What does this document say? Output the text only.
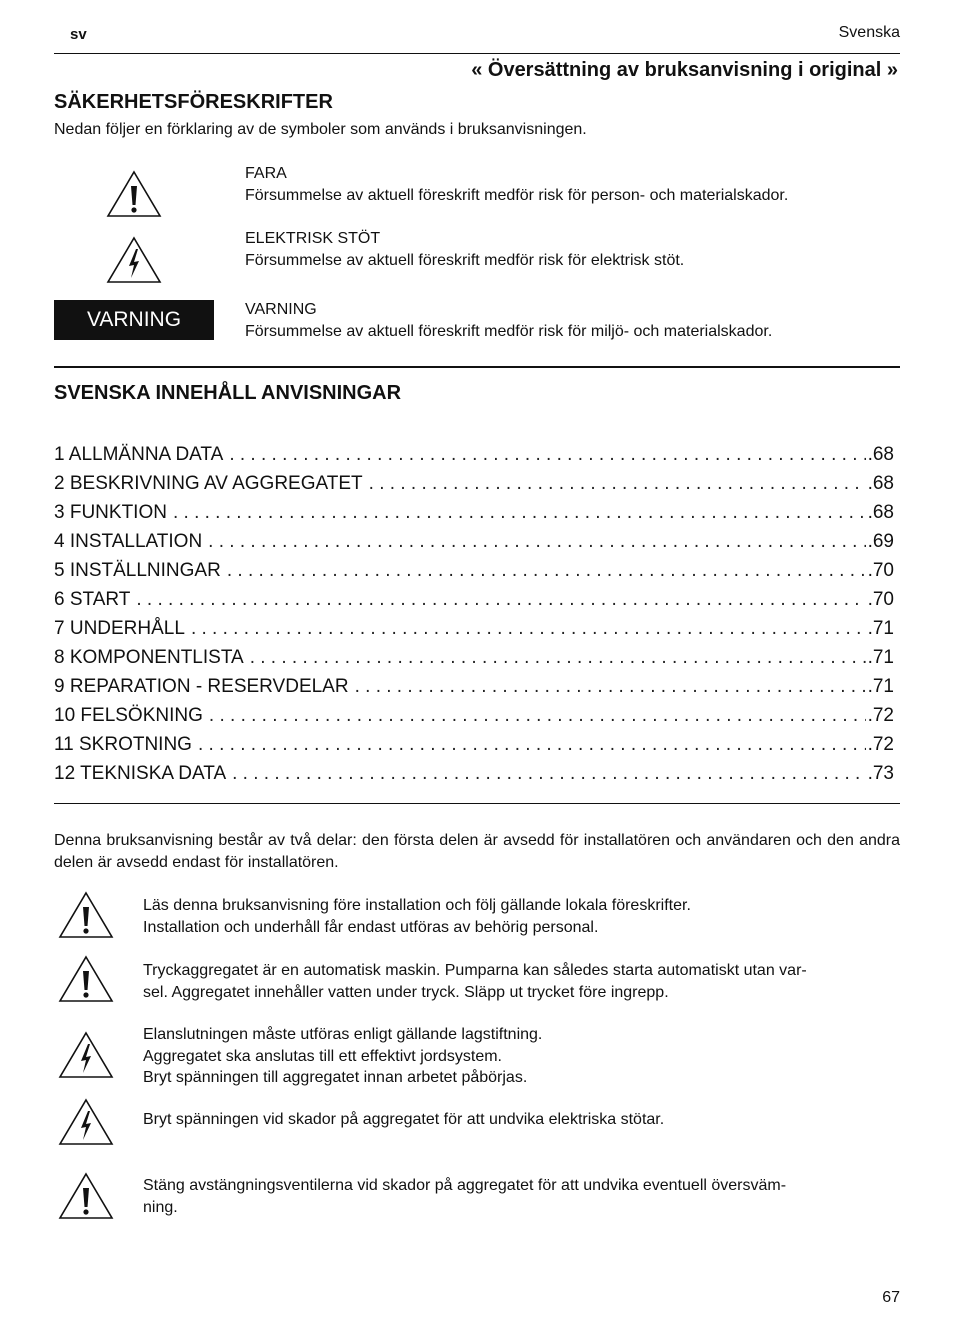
sv	Svenska
« Översättning av bruksanvisning i original »
SÄKERHETSFÖRESKRIFTER
Nedan följer en förklaring av de symboler som används i bruksanvisningen.
FARA
Försummelse av aktuell föreskrift medför risk för person- och materialskador.
ELEKTRISK STÖT
Försummelse av aktuell föreskrift medför risk för elektrisk stöt.
VARNING	VARNING
Försummelse av aktuell föreskrift medför risk för miljö- och materialskador.
SVENSKA INNEHÅLL ANVISNINGAR
1 ALLMÄNNA DATA . . .	.68
2 BESKRIVNING AV AGGREGATET . . .	.68
3 FUNKTION . . .	.68
4 INSTALLATION . . .	.69
5 INSTÄLLNINGAR . . .	.70
6 START . . .	.70
7 UNDERHÅLL . . .	.71
8 KOMPONENTLISTA . . .	.71
9 REPARATION - RESERVDELAR . . .	.71
10 FELSÖKNING . . .	.72
11 SKROTNING . . .	.72
12 TEKNISKA DATA . . .	.73
Denna bruksanvisning består av två delar: den första delen är avsedd för installatören och användaren och den andra delen är avsedd endast för installatören.
Läs denna bruksanvisning före installation och följ gällande lokala föreskrifter.
Installation och underhåll får endast utföras av behörig personal.
Tryckaggregatet är en automatisk maskin. Pumparna kan således starta automatiskt utan var-
sel. Aggregatet innehåller vatten under tryck. Släpp ut trycket före ingrepp.
Elanslutningen måste utföras enligt gällande lagstiftning.
Aggregatet ska anslutas till ett effektivt jordsystem.
Bryt spänningen till aggregatet innan arbetet påbörjas.
Bryt spänningen vid skador på aggregatet för att undvika elektriska stötar.
Stäng avstängningsventilerna vid skador på aggregatet för att undvika eventuell översväm-
ning.
67
